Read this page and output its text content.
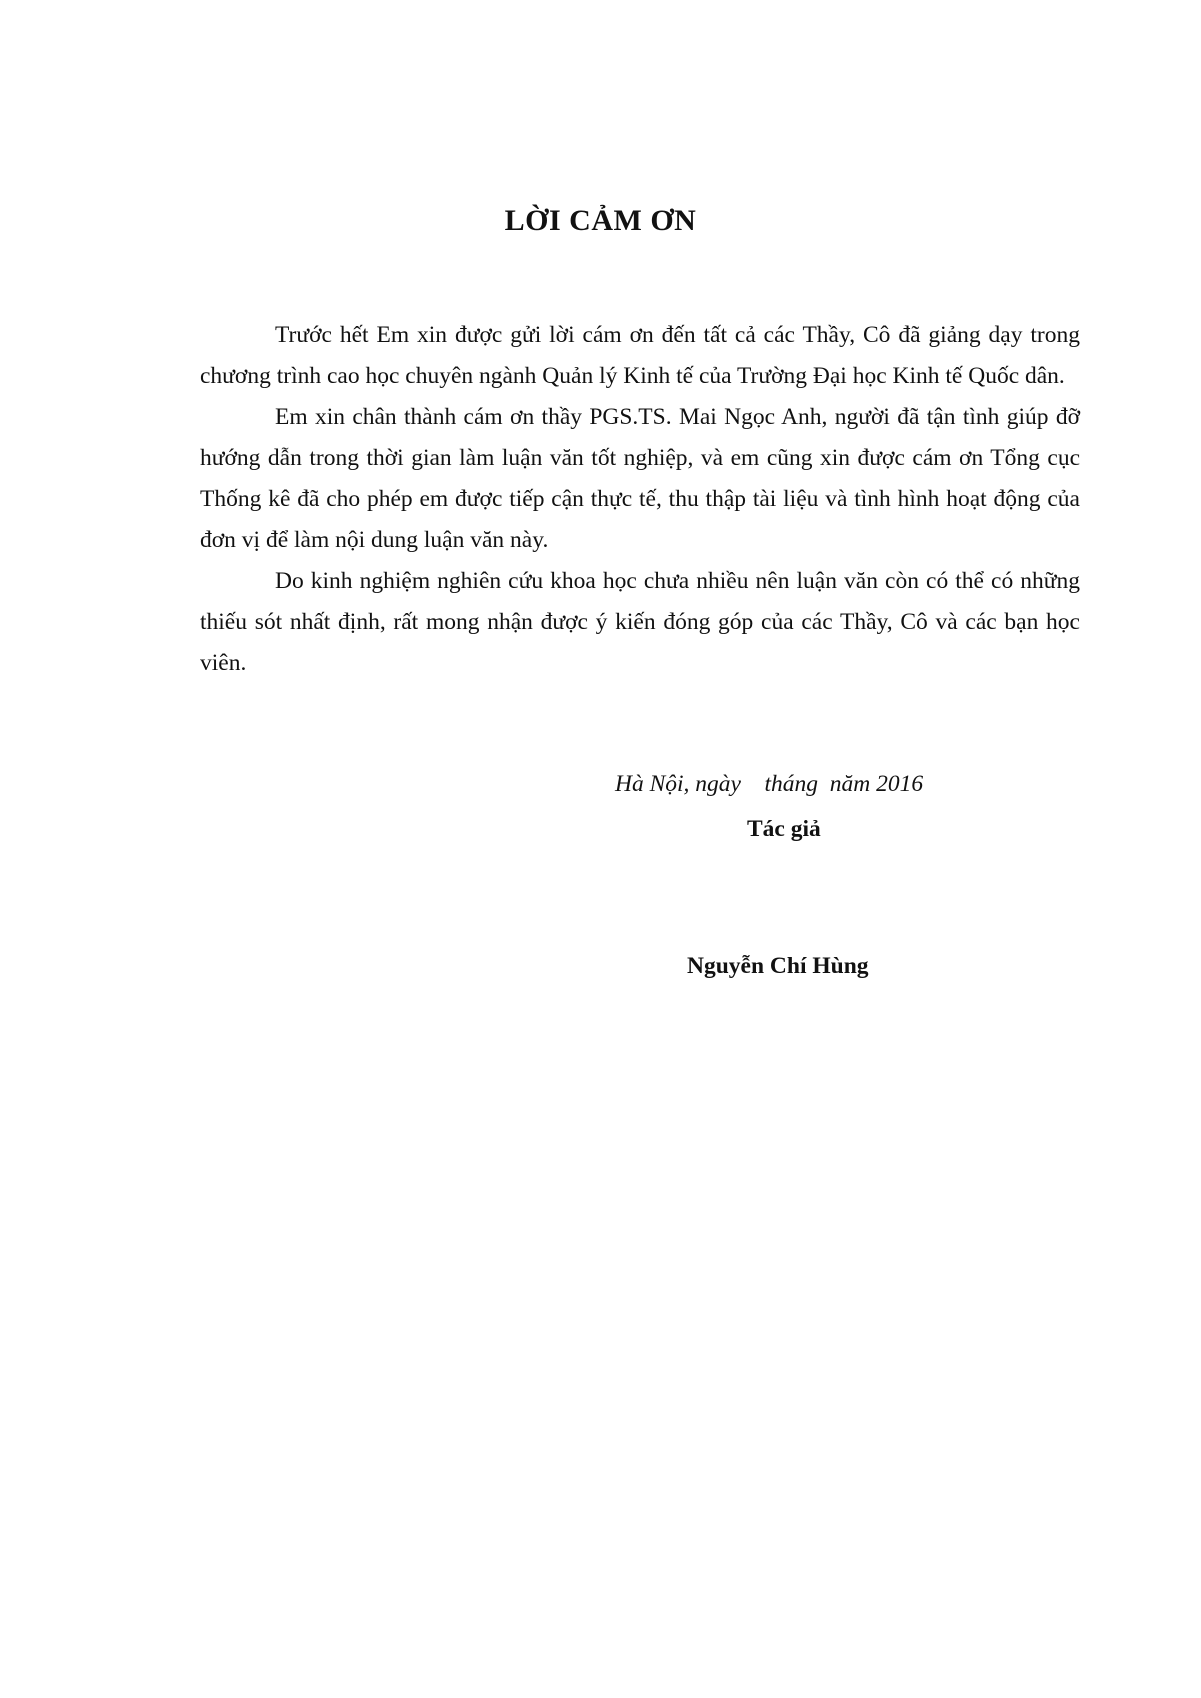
LỜI CẢM ƠN

Trước hết Em xin được gửi lời cám ơn đến tất cả các Thầy, Cô đã giảng dạy trong chương trình cao học chuyên ngành Quản lý Kinh tế của Trường Đại học Kinh tế Quốc dân.

Em xin chân thành cám ơn thầy PGS.TS. Mai Ngọc Anh, người đã tận tình giúp đỡ hướng dẫn trong thời gian làm luận văn tốt nghiệp, và em cũng xin được cám ơn Tổng cục Thống kê đã cho phép em được tiếp cận thực tế, thu thập tài liệu và tình hình hoạt động của đơn vị để làm nội dung luận văn này.

Do kinh nghiệm nghiên cứu khoa học chưa nhiều nên luận văn còn có thể có những thiếu sót nhất định, rất mong nhận được ý kiến đóng góp của các Thầy, Cô và các bạn học viên.

Hà Nội, ngày    tháng  năm 2016
Tác giả
Nguyễn Chí Hùng
